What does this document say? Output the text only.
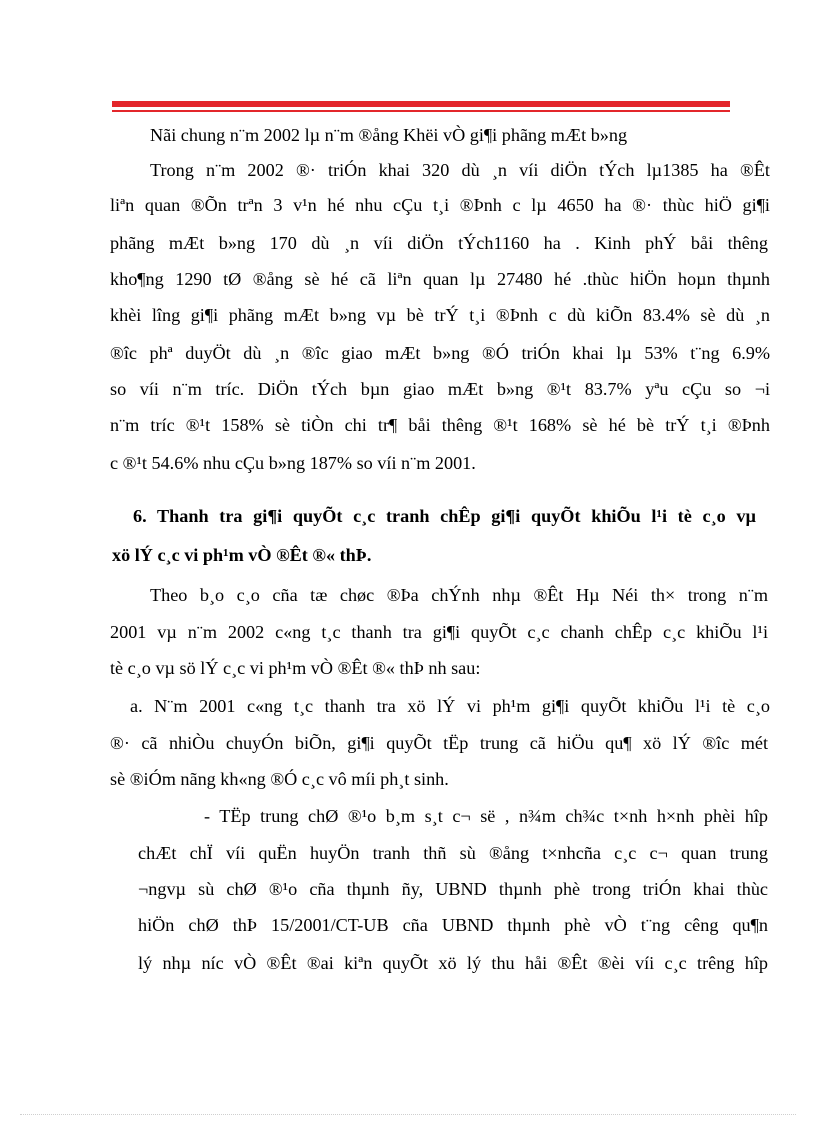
Nãi chung n¨m 2002 lµ n¨m ®ång Khëi vÒ gi¶i phãng mÆt b»ng
Trong n¨m 2002 ®· triÓn khai 320 dù ¸n víi diÖn tÝch lµ1385 ha ®Êt
liªn quan ®Õn trªn 3 v¹n hé nhu cÇu t¸i ®Þnh c lµ 4650 ha ®· thùc hiÖ gi¶i
phãng mÆt b»ng 170 dù ¸n víi diÖn tÝch1160 ha . Kinh phÝ båi thêng
kho¶ng 1290 tØ ®ång sè hé cã liªn quan lµ 27480 hé .thùc hiÖn hoµn thµnh
khèi lîng gi¶i phãng mÆt b»ng vµ bè trÝ t¸i ®Þnh c dù kiÕn 83.4% sè dù ¸n
®îc phª duyÖt dù ¸n ®îc giao mÆt b»ng ®Ó triÓn khai lµ 53% t¨ng 6.9%
so víi n¨m tríc. DiÖn tÝch bµn giao mÆt b»ng ®¹t 83.7% yªu cÇu so ¬i
n¨m tríc ®¹t 158% sè tiÒn chi tr¶ båi thêng ®¹t 168% sè hé bè trÝ t¸i ®Þnh
c ®¹t 54.6% nhu cÇu b»ng 187% so víi n¨m 2001.
6. Thanh tra gi¶i quyÕt c¸c tranh chÊp gi¶i quyÕt khiÕu l¹i tè c¸o vµ
xö lÝ c¸c vi ph¹m vÒ ®Êt ®« thÞ.
Theo b¸o c¸o cña tæ chøc ®Þa chÝnh nhµ ®Êt Hµ Néi th× trong n¨m
2001 vµ n¨m 2002 c«ng t¸c thanh tra gi¶i quyÕt c¸c chanh chÊp c¸c khiÕu l¹i
tè c¸o vµ sö lÝ c¸c vi ph¹m vÒ ®Êt ®« thÞ nh sau:
a. N¨m 2001 c«ng t¸c thanh tra xö lÝ vi ph¹m gi¶i quyÕt khiÕu l¹i tè c¸o
®· cã nhiÒu chuyÓn biÕn, gi¶i quyÕt tËp trung cã hiÖu qu¶ xö lÝ ®îc mét
sè ®iÓm nãng kh«ng ®Ó c¸c vô míi ph¸t sinh.
- TËp trung chØ ®¹o b¸m s¸t c¬ së , n¾m ch¾c t×nh h×nh phèi hîp
chÆt chÏ víi quËn huyÖn tranh thñ sù ®ång t×nhcña c¸c c¬ quan trung
¬ngvµ sù chØ ®¹o cña thµnh ñy, UBND thµnh phè trong triÓn khai thùc
hiÖn chØ thÞ 15/2001/CT-UB cña UBND thµnh phè vÒ t¨ng cêng qu¶n
lý nhµ níc vÒ ®Êt ®ai kiªn quyÕt xö lý thu håi ®Êt ®èi víi c¸c trêng hîp
